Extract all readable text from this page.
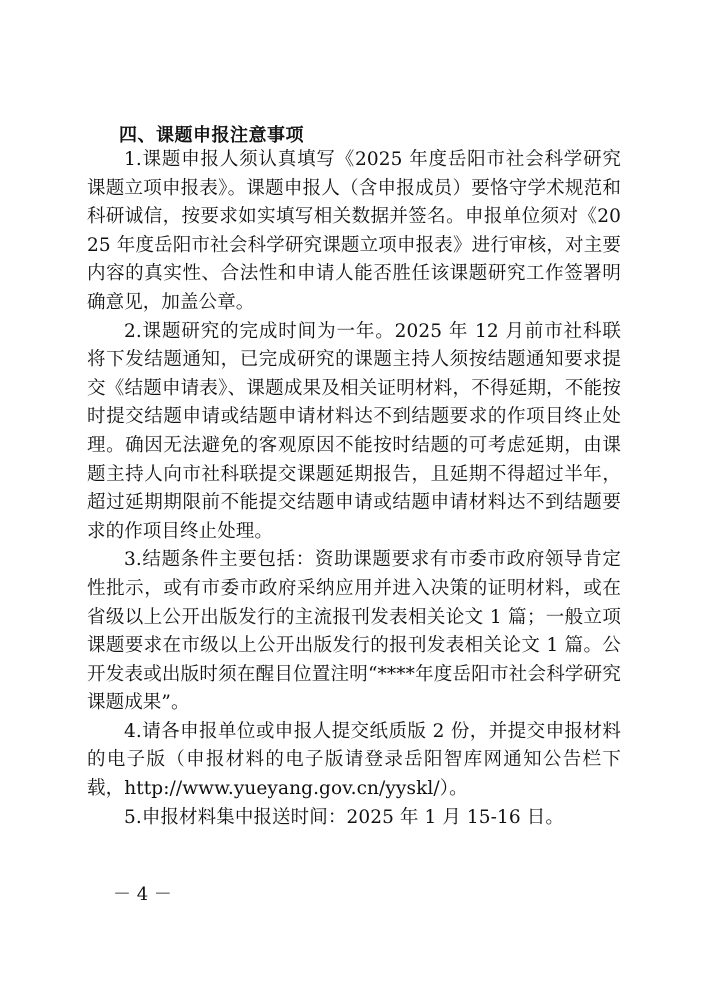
四、课题申报注意事项

1.课题申报人须认真填写《2025 年度岳阳市社会科学研究课题立项申报表》。课题申报人（含申报成员）要恪守学术规范和科研诚信，按要求如实填写相关数据并签名。申报单位须对《2025 年度岳阳市社会科学研究课题立项申报表》进行审核，对主要内容的真实性、合法性和申请人能否胜任该课题研究工作签署明确意见，加盖公章。

2.课题研究的完成时间为一年。2025 年 12 月前市社科联将下发结题通知，已完成研究的课题主持人须按结题通知要求提交《结题申请表》、课题成果及相关证明材料，不得延期，不能按时提交结题申请或结题申请材料达不到结题要求的作项目终止处理。确因无法避免的客观原因不能按时结题的可考虑延期，由课题主持人向市社科联提交课题延期报告，且延期不得超过半年，超过延期期限前不能提交结题申请或结题申请材料达不到结题要求的作项目终止处理。

3.结题条件主要包括：资助课题要求有市委市政府领导肯定性批示，或有市委市政府采纳应用并进入决策的证明材料，或在省级以上公开出版发行的主流报刊发表相关论文 1 篇；一般立项课题要求在市级以上公开出版发行的报刊发表相关论文 1 篇。公开发表或出版时须在醒目位置注明“****年度岳阳市社会科学研究课题成果”。

4.请各申报单位或申报人提交纸质版 2 份，并提交申报材料的电子版（申报材料的电子版请登录岳阳智库网通知公告栏下载，http://www.yueyang.gov.cn/yyskl/）。

5.申报材料集中报送时间：2025 年 1 月 15-16 日。

－ 4 －
